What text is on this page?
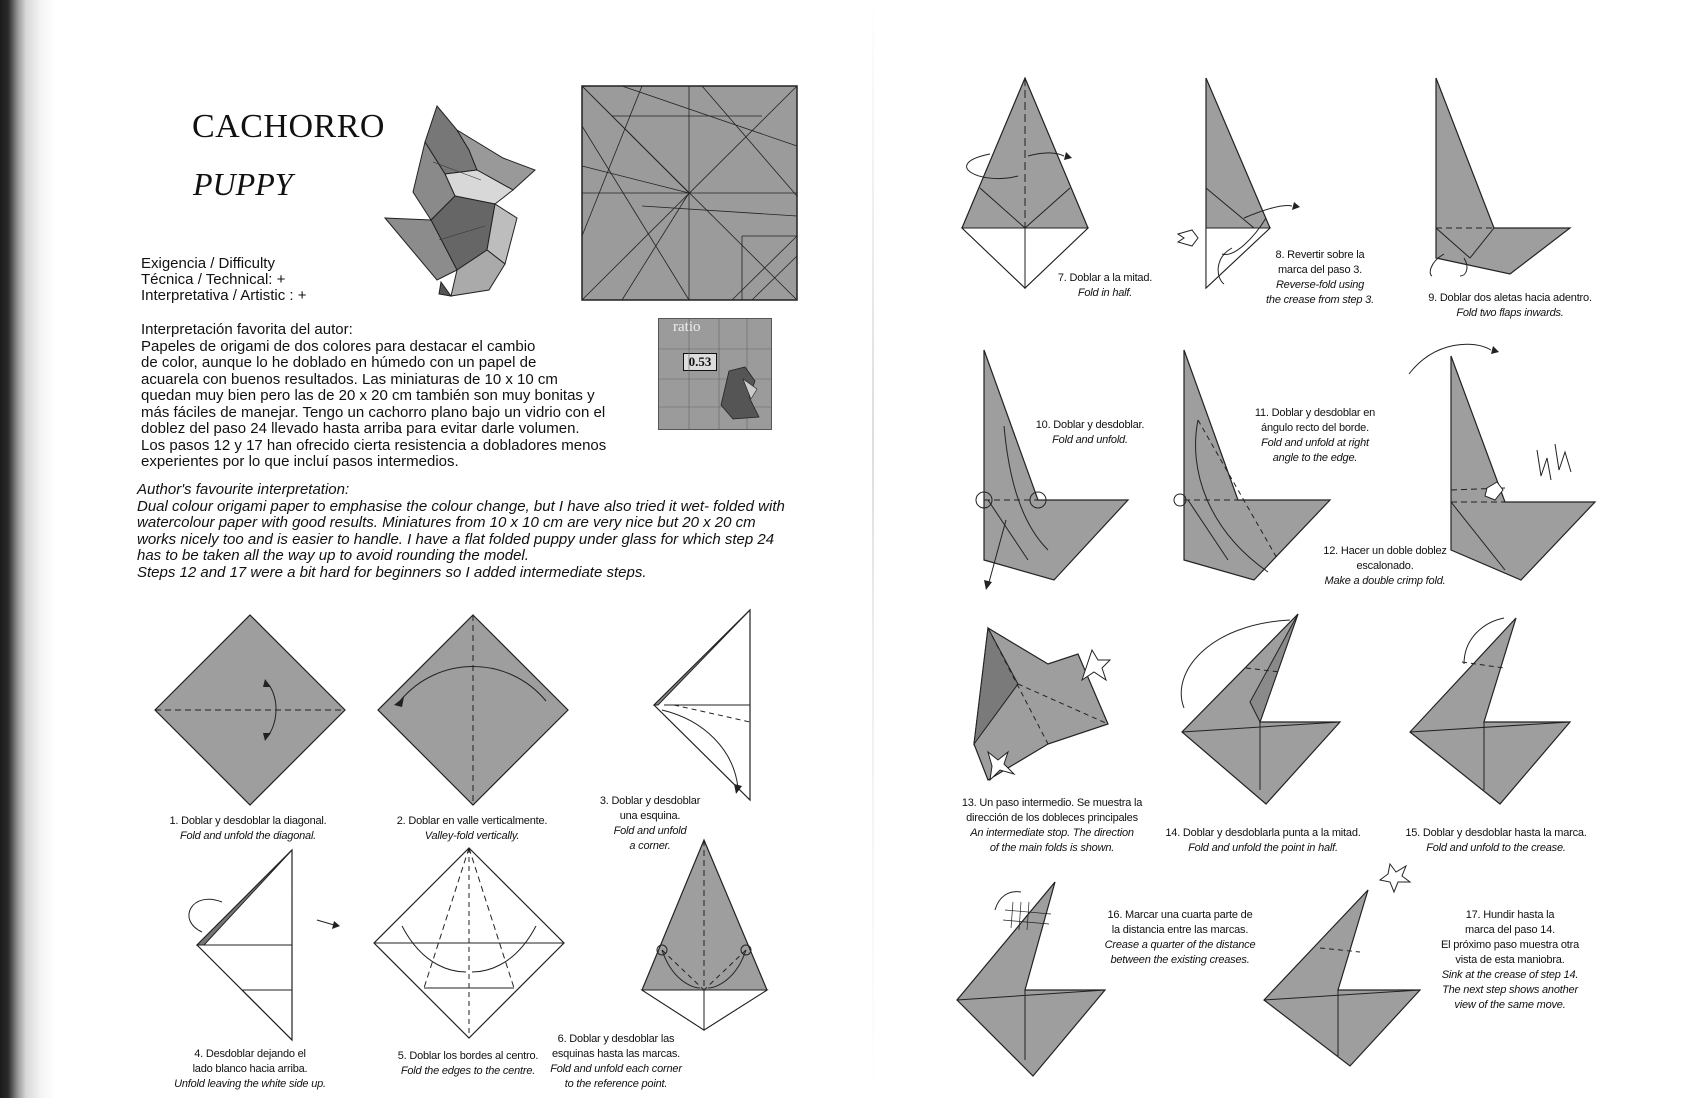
CACHORRO
PUPPY
Exigencia / Difficulty
Técnica / Technical: +
Interpretativa / Artistic : +
Interpretación favorita del autor:
Papeles de origami de dos colores para destacar el cambio
de color, aunque lo he doblado en húmedo con un papel de
acuarela con buenos resultados. Las miniaturas de 10 x 10 cm
quedan muy bien pero las de 20 x 20 cm también son muy bonitas y
más fáciles de manejar. Tengo un cachorro plano bajo un vidrio con el
doblez del paso 24 llevado hasta arriba para evitar darle volumen.
Los pasos 12 y 17 han ofrecido cierta resistencia a dobladores menos
experientes por lo que incluí pasos intermedios.
ratio
0.53
Author's favourite interpretation:
Dual colour origami paper to emphasise the colour change, but I have also tried it wet- folded with
watercolour paper with good results. Miniatures from 10 x 10 cm are very nice but 20 x 20 cm
works nicely too and is easier to handle. I have a flat folded puppy under glass for which step 24
has to be taken all the way up to avoid rounding the model.
Steps 12 and 17 were a bit hard for beginners so I added intermediate steps.
1. Doblar y desdoblar la diagonal.
Fold and unfold the diagonal.
2. Doblar en valle verticalmente.
Valley-fold vertically.
3. Doblar y desdoblar
una esquina.
Fold and unfold
a corner.
4. Desdoblar dejando el
lado blanco hacia arriba.
Unfold leaving the white side up.
5. Doblar los bordes al centro.
Fold the edges to the centre.
6. Doblar y desdoblar las
esquinas hasta las marcas.
Fold and unfold each corner
to the reference point.
7. Doblar a la mitad.
Fold in half.
8. Revertir sobre la
marca del paso 3.
Reverse-fold using
the crease from step 3.	9. Doblar dos aletas hacia adentro.
Fold two flaps inwards.
10. Doblar y desdoblar.
Fold and unfold.
11. Doblar y desdoblar en
ángulo recto del borde.
Fold and unfold at right
angle to the edge.
12. Hacer un doble doblez
escalonado.
Make a double crimp fold.
13. Un paso intermedio. Se muestra la
dirección de los dobleces principales
An intermediate stop. The direction
of the main folds is shown.
14. Doblar y desdoblarla punta a la mitad.
Fold and unfold the point in half.
15. Doblar y desdoblar hasta la marca.
Fold and unfold to the crease.
16. Marcar una cuarta parte de
la distancia entre las marcas.
Crease a quarter of the distance
between the existing creases.
17. Hundir hasta la
marca del paso 14.
El próximo paso muestra otra
vista de esta maniobra.
Sink at the crease of step 14.
The next step shows another
view of the same move.
